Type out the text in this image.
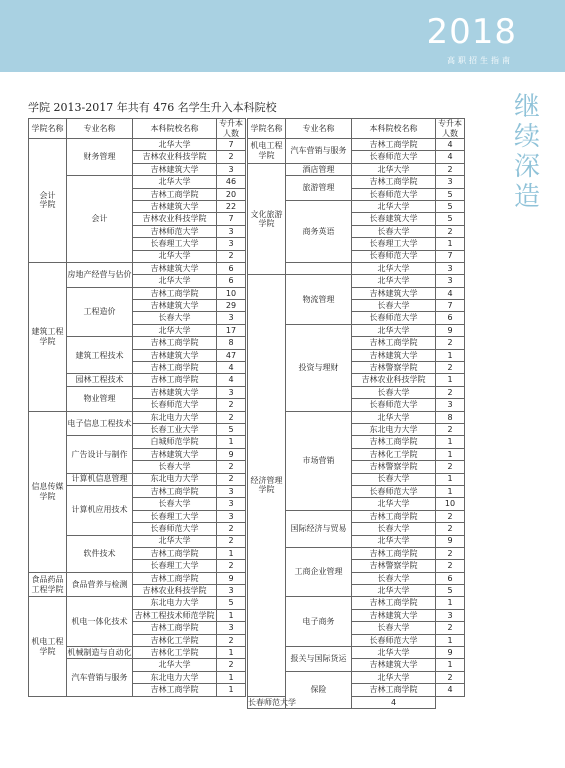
2018
高职招生指南
继
续
深
造
学院 2013-2017 年共有 476 名学生升入本科院校
学院名称	专业名称	本科院校名称	专升本人数
会计
学院	财务管理	北华大学	7
		吉林农业科技学院	2
		吉林建筑大学	3
	会计	北华大学	46
		吉林工商学院	20
		吉林建筑大学	22
		吉林农业科技学院	7
		吉林师范大学	3
		长春理工大学	3
		北华大学	2
建筑工程
学院	房地产经营与估价	吉林建筑大学	6
		北华大学	6
	工程造价	吉林工商学院	10
		吉林建筑大学	29
		长春大学	3
		北华大学	17
	建筑工程技术	吉林工商学院	8
		吉林建筑大学	47
		吉林工商学院	4
	园林工程技术	吉林工商学院	4
	物业管理	吉林建筑大学	3
		长春师范大学	2
信息传媒
学院	电子信息工程技术	东北电力大学	2
		长春工业大学	5
	广告设计与制作	白城师范学院	1
		吉林建筑大学	9
		长春大学	2
	计算机信息管理	东北电力大学	2
	计算机应用技术	吉林工商学院	3
		长春大学	3
		长春理工大学	3
		长春师范大学	2
	软件技术	北华大学	2
		吉林工商学院	1
		长春理工大学	2
食品药品
工程学院	食品营养与检测	吉林工商学院	9
		吉林农业科技学院	3
机电工程
学院	机电一体化技术	东北电力大学	5
		吉林工程技术师范学院	1
		吉林工商学院	3
		吉林化工学院	2
	机械制造与自动化	吉林化工学院	1
	汽车营销与服务	北华大学	2
		东北电力大学	1
		吉林工商学院	1
学院名称	专业名称	本科院校名称	专升本人数
机电工程
学院	汽车营销与服务	吉林工商学院	4
		长春师范大学	4
文化旅游
学院	酒店管理	北华大学	2
	旅游管理	吉林工商学院	3
		长春师范大学	5
	商务英语	北华大学	5
		长春建筑大学	5
		长春大学	2
		长春理工大学	1
		长春师范大学	7
		北华大学	3
经济管理
学院	物流管理	北华大学	3
		吉林建筑大学	4
		长春大学	7
		长春师范大学	6
	投资与理财	北华大学	9
		吉林工商学院	2
		吉林建筑大学	1
		吉林警察学院	2
		吉林农业科技学院	1
		长春大学	2
		长春师范大学	3
	市场营销	北华大学	8
		东北电力大学	2
		吉林工商学院	1
		吉林化工学院	1
		吉林警察学院	2
		长春大学	1
		长春师范大学	1
		北华大学	10
	国际经济与贸易	吉林工商学院	2
		长春大学	2
		北华大学	9
	工商企业管理	吉林工商学院	2
		吉林警察学院	2
		长春大学	6
		北华大学	5
	电子商务	吉林工商学院	1
		吉林建筑大学	3
		长春大学	2
		长春师范大学	1
	报关与国际货运	北华大学	9
		吉林建筑大学	1
	保险	北华大学	2
		吉林工商学院	4
长春师范大学		4	
